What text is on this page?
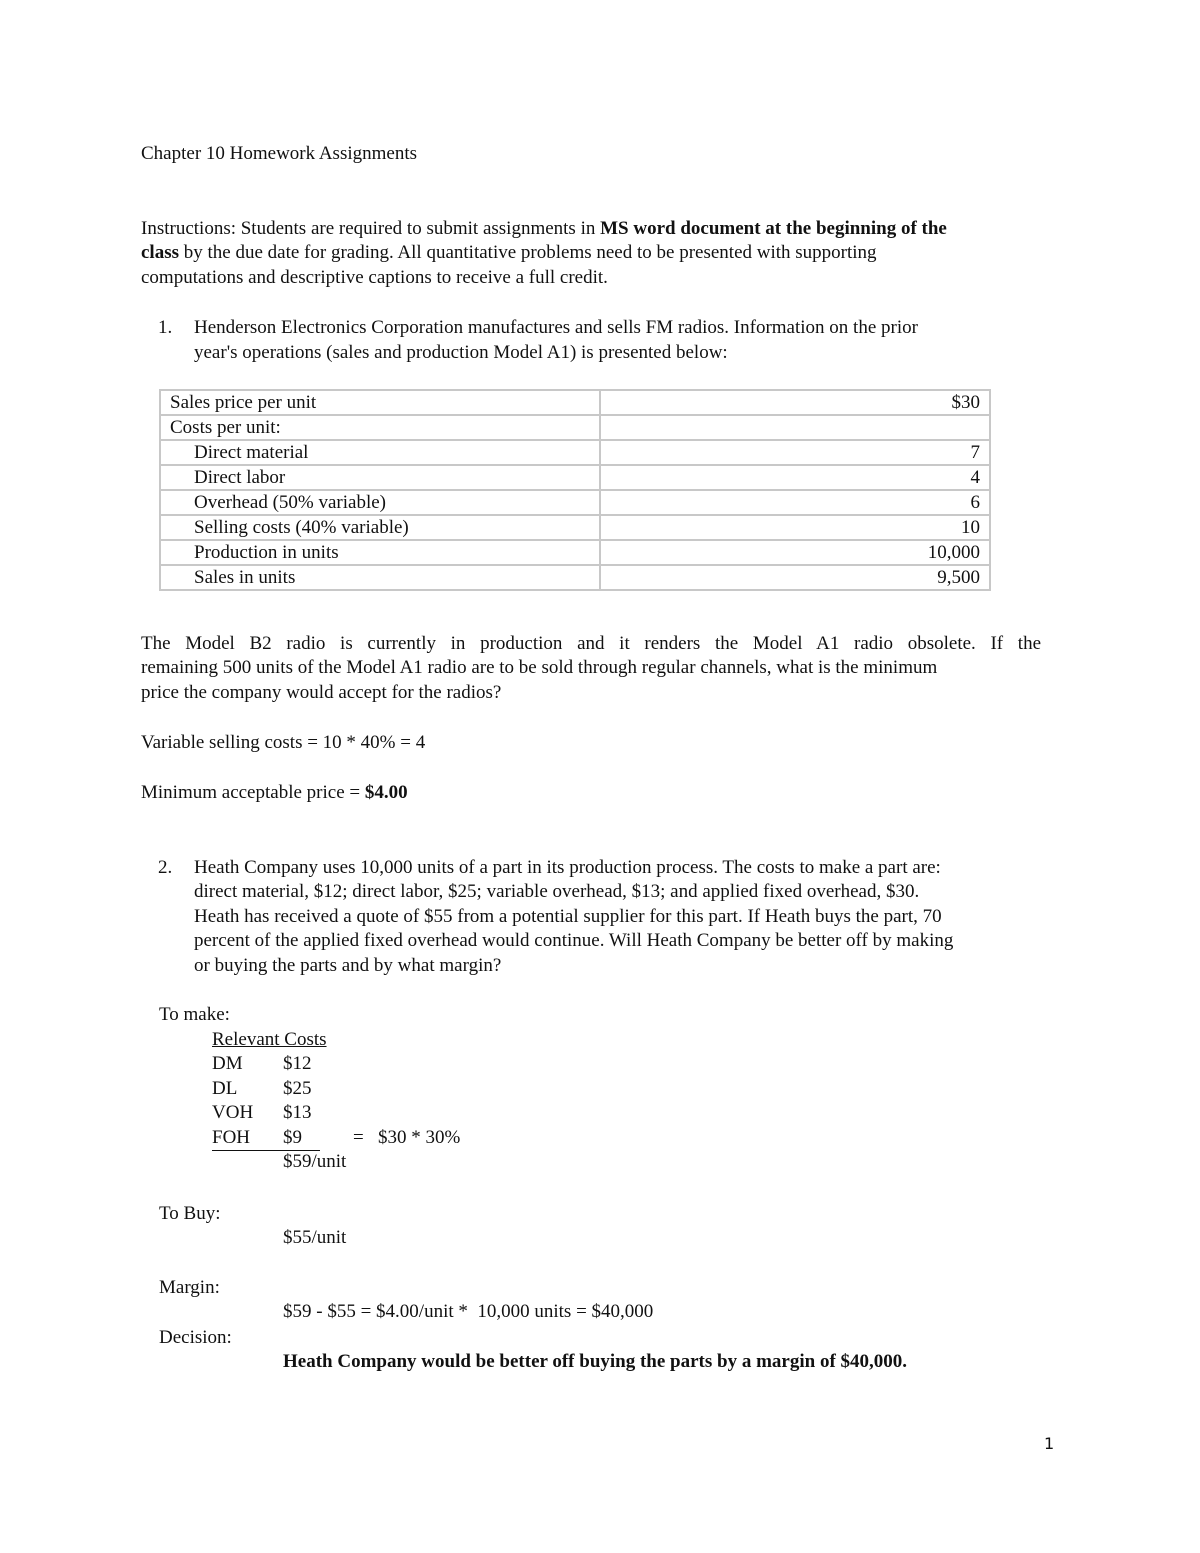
Chapter 10 Homework Assignments
Instructions: Students are required to submit assignments in MS word document at the beginning of the
class by the due date for grading. All quantitative problems need to be presented with supporting
computations and descriptive captions to receive a full credit.
1. Henderson Electronics Corporation manufactures and sells FM radios. Information on the prior
year's operations (sales and production Model A1) is presented below:
Sales price per unit	$30
Costs per unit:	
Direct material	7
Direct labor	4
Overhead (50% variable)	6
Selling costs (40% variable)	10
Production in units	10,000
Sales in units	9,500
The Model B2 radio is currently in production and it renders the Model A1 radio obsolete. If the
remaining 500 units of the Model A1 radio are to be sold through regular channels, what is the minimum
price the company would accept for the radios?
Variable selling costs = 10 * 40% = 4
Minimum acceptable price = $4.00
2. Heath Company uses 10,000 units of a part in its production process. The costs to make a part are:
direct material, $12; direct labor, $25; variable overhead, $13; and applied fixed overhead, $30.
Heath has received a quote of $55 from a potential supplier for this part. If Heath buys the part, 70
percent of the applied fixed overhead would continue. Will Heath Company be better off by making
or buying the parts and by what margin?
To make:
Relevant Costs
DM $12
DL $25
VOH $13
FOH $9	=   $30 * 30%
$59/unit
To Buy:
$55/unit
Margin:
$59 - $55 = $4.00/unit *  10,000 units = $40,000
Decision:
Heath Company would be better off buying the parts by a margin of $40,000.
1
